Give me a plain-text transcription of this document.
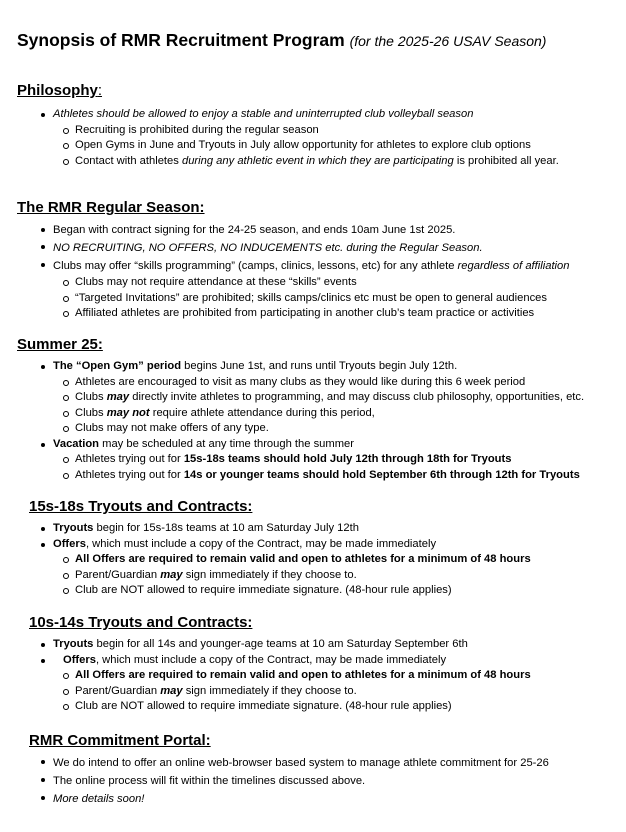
Synopsis of RMR Recruitment Program (for the 2025-26 USAV Season)
Philosophy:
Athletes should be allowed to enjoy a stable and uninterrupted club volleyball season
Recruiting is prohibited during the regular season
Open Gyms in June and Tryouts in July allow opportunity for athletes to explore club options
Contact with athletes during any athletic event in which they are participating is prohibited all year.
The RMR Regular Season:
Began with contract signing for the 24-25 season, and ends 10am June 1st 2025.
NO RECRUITING, NO OFFERS, NO INDUCEMENTS etc. during the Regular Season.
Clubs may offer “skills programming” (camps, clinics, lessons, etc) for any athlete regardless of affiliation
Clubs may not require attendance at these “skills” events
“Targeted Invitations” are prohibited; skills camps/clinics etc must be open to general audiences
Affiliated athletes are prohibited from participating in another club’s team practice or activities
Summer 25:
The “Open Gym” period begins June 1st, and runs until Tryouts begin July 12th.
Athletes are encouraged to visit as many clubs as they would like during this 6 week period
Clubs may directly invite athletes to programming, and may discuss club philosophy, opportunities, etc.
Clubs may not require athlete attendance during this period,
Clubs may not make offers of any type.
Vacation may be scheduled at any time through the summer
Athletes trying out for 15s-18s teams should hold July 12th through 18th for Tryouts
Athletes trying out for 14s or younger teams should hold September 6th through 12th for Tryouts
15s-18s Tryouts and Contracts:
Tryouts begin for 15s-18s teams at 10 am Saturday July 12th
Offers, which must include a copy of the Contract, may be made immediately
All Offers are required to remain valid and open to athletes for a minimum of 48 hours
Parent/Guardian may sign immediately if they choose to.
Club are NOT allowed to require immediate signature. (48-hour rule applies)
10s-14s Tryouts and Contracts:
Tryouts begin for all 14s and younger-age teams at 10 am Saturday September 6th
Offers, which must include a copy of the Contract, may be made immediately
All Offers are required to remain valid and open to athletes for a minimum of 48 hours
Parent/Guardian may sign immediately if they choose to.
Club are NOT allowed to require immediate signature. (48-hour rule applies)
RMR Commitment Portal:
We do intend to offer an online web-browser based system to manage athlete commitment for 25-26
The online process will fit within the timelines discussed above.
More details soon!
